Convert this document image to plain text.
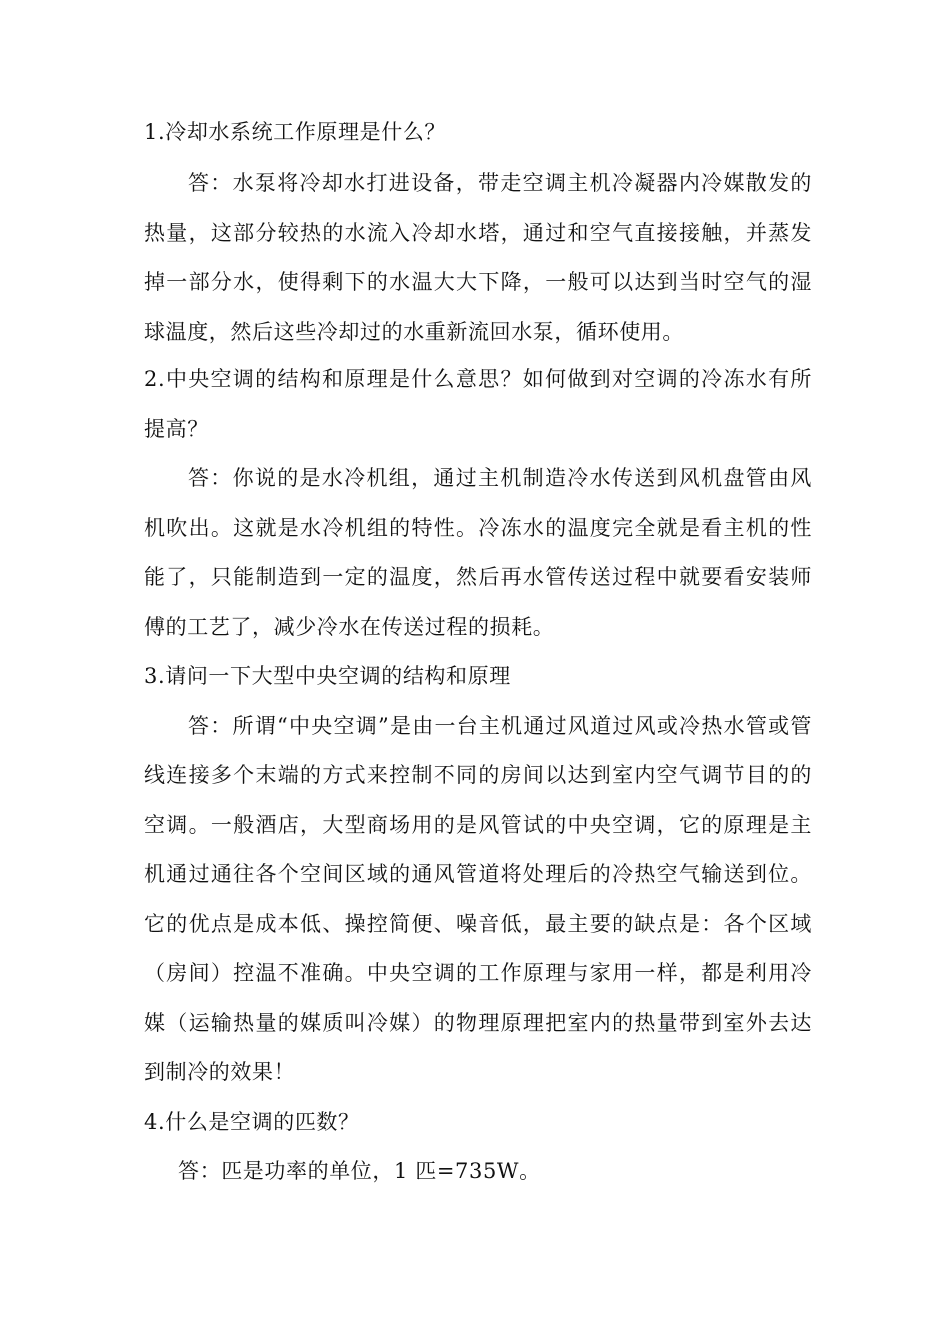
1.冷却水系统工作原理是什么？

答：水泵将冷却水打进设备，带走空调主机冷凝器内冷媒散发的热量，这部分较热的水流入冷却水塔，通过和空气直接接触，并蒸发掉一部分水，使得剩下的水温大大下降，一般可以达到当时空气的湿球温度，然后这些冷却过的水重新流回水泵，循环使用。

2.中央空调的结构和原理是什么意思？如何做到对空调的冷冻水有所提高？

答：你说的是水冷机组，通过主机制造冷水传送到风机盘管由风机吹出。这就是水冷机组的特性。冷冻水的温度完全就是看主机的性能了，只能制造到一定的温度，然后再水管传送过程中就要看安装师傅的工艺了，减少冷水在传送过程的损耗。

3.请问一下大型中央空调的结构和原理

答：所谓“中央空调”是由一台主机通过风道过风或冷热水管或管线连接多个末端的方式来控制不同的房间以达到室内空气调节目的的空调。一般酒店，大型商场用的是风管试的中央空调，它的原理是主机通过通往各个空间区域的通风管道将处理后的冷热空气输送到位。它的优点是成本低、操控简便、噪音低，最主要的缺点是：各个区域（房间）控温不准确。中央空调的工作原理与家用一样，都是利用冷媒（运输热量的媒质叫冷媒）的物理原理把室内的热量带到室外去达到制冷的效果！

4.什么是空调的匹数？

答：匹是功率的单位，1 匹=735W。
